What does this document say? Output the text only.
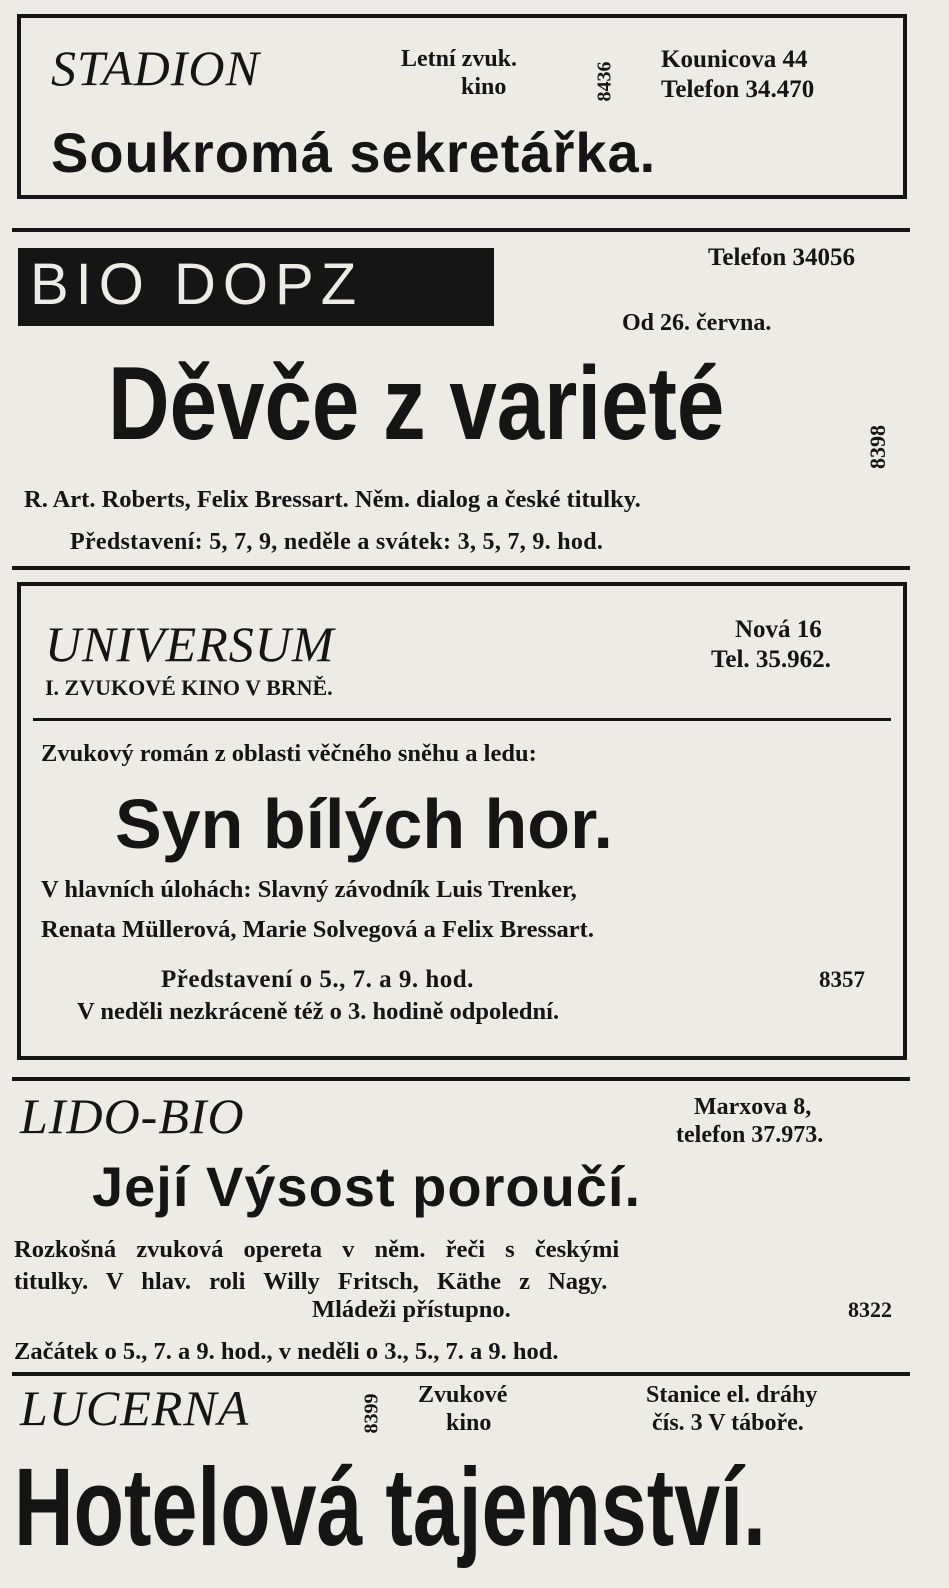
STADION	Letní zvuk.
kino	8436
Kounicova 44
Telefon 34.470
Soukromá sekretářka.
BIO DOPZ	Telefon 34056
Od 26. června.
Děvče z varieté	8398
R. Art. Roberts, Felix Bressart. Něm. dialog a české titulky.
Představení: 5, 7, 9, neděle a svátek: 3, 5, 7, 9. hod.
UNIVERSUM
I. ZVUKOVÉ KINO V BRNĚ.
Nová 16
Tel. 35.962.
Zvukový román z oblasti věčného sněhu a ledu:
Syn bílých hor.
V hlavních úlohách: Slavný závodník Luis Trenker,
Renata Müllerová, Marie Solvegová a Felix Bressart.
Představení o 5., 7. a 9. hod.	8357
V neděli nezkráceně též o 3. hodině odpolední.
LIDO-BIO	Marxova 8,
telefon 37.973.
Její Výsost poroučí.
Rozkošná zvuková opereta v něm. řeči s českými
titulky. V hlav. roli Willy Fritsch, Käthe z Nagy.
Mládeži přístupno.	8322
Začátek o 5., 7. a 9. hod., v neděli o 3., 5., 7. a 9. hod.
LUCERNA	8399 Zvukové
kino
Stanice el. dráhy
čís. 3 V táboře.
Hotelová tajemství.
